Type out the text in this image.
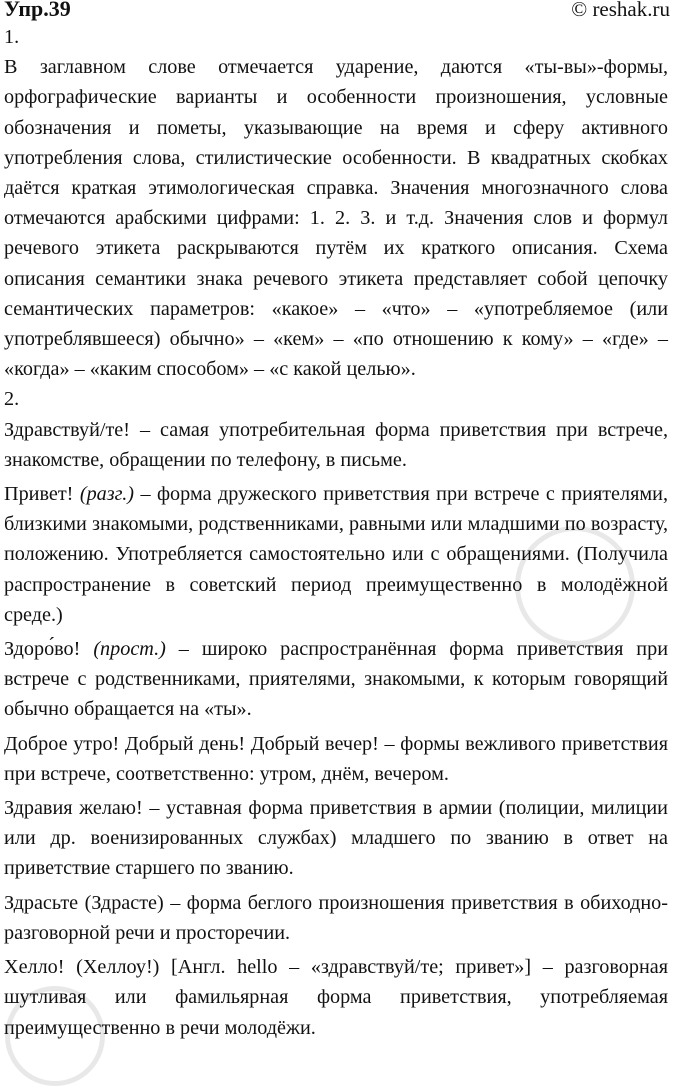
Упр.39	© reshak.ru
1.

В заглавном слове отмечается ударение, даются «ты-вы»-формы, орфографические варианты и особенности произношения, условные обозначения и пометы, указывающие на время и сферу активного употребления слова, стилистические особенности. В квадратных скобках даётся краткая этимологическая справка. Значения многозначного слова отмечаются арабскими цифрами: 1. 2. 3. и т.д. Значения слов и формул речевого этикета раскрываются путём их краткого описания. Схема описания семантики знака речевого этикета представляет собой цепочку семантических параметров: «какое» – «что» – «употребляемое (или употреблявшееся) обычно» – «кем» – «по отношению к кому» – «где» – «когда» – «каким способом» – «с какой целью».

2.

Здравствуй/те! – самая употребительная форма приветствия при встрече, знакомстве, обращении по телефону, в письме.

Привет! (разг.) – форма дружеского приветствия при встрече с приятелями, близкими знакомыми, родственниками, равными или младшими по возрасту, положению. Употребляется самостоятельно или с обращениями. (Получила распространение в советский период преимущественно в молодёжной среде.)

Здоро́во! (прост.) – широко распространённая форма приветствия при встрече с родственниками, приятелями, знакомыми, к которым говорящий обычно обращается на «ты».

Доброе утро! Добрый день! Добрый вечер! – формы вежливого приветствия при встрече, соответственно: утром, днём, вечером.

Здравия желаю! – уставная форма приветствия в армии (полиции, милиции или др. военизированных службах) младшего по званию в ответ на приветствие старшего по званию.

Здрасьте (Здрасте) – форма беглого произношения приветствия в обиходно-разговорной речи и просторечии.

Хелло! (Хеллоу!) [Англ. hello – «здравствуй/те; привет»] – разговорная шутливая или фамильярная форма приветствия, употребляемая преимущественно в речи молодёжи.
